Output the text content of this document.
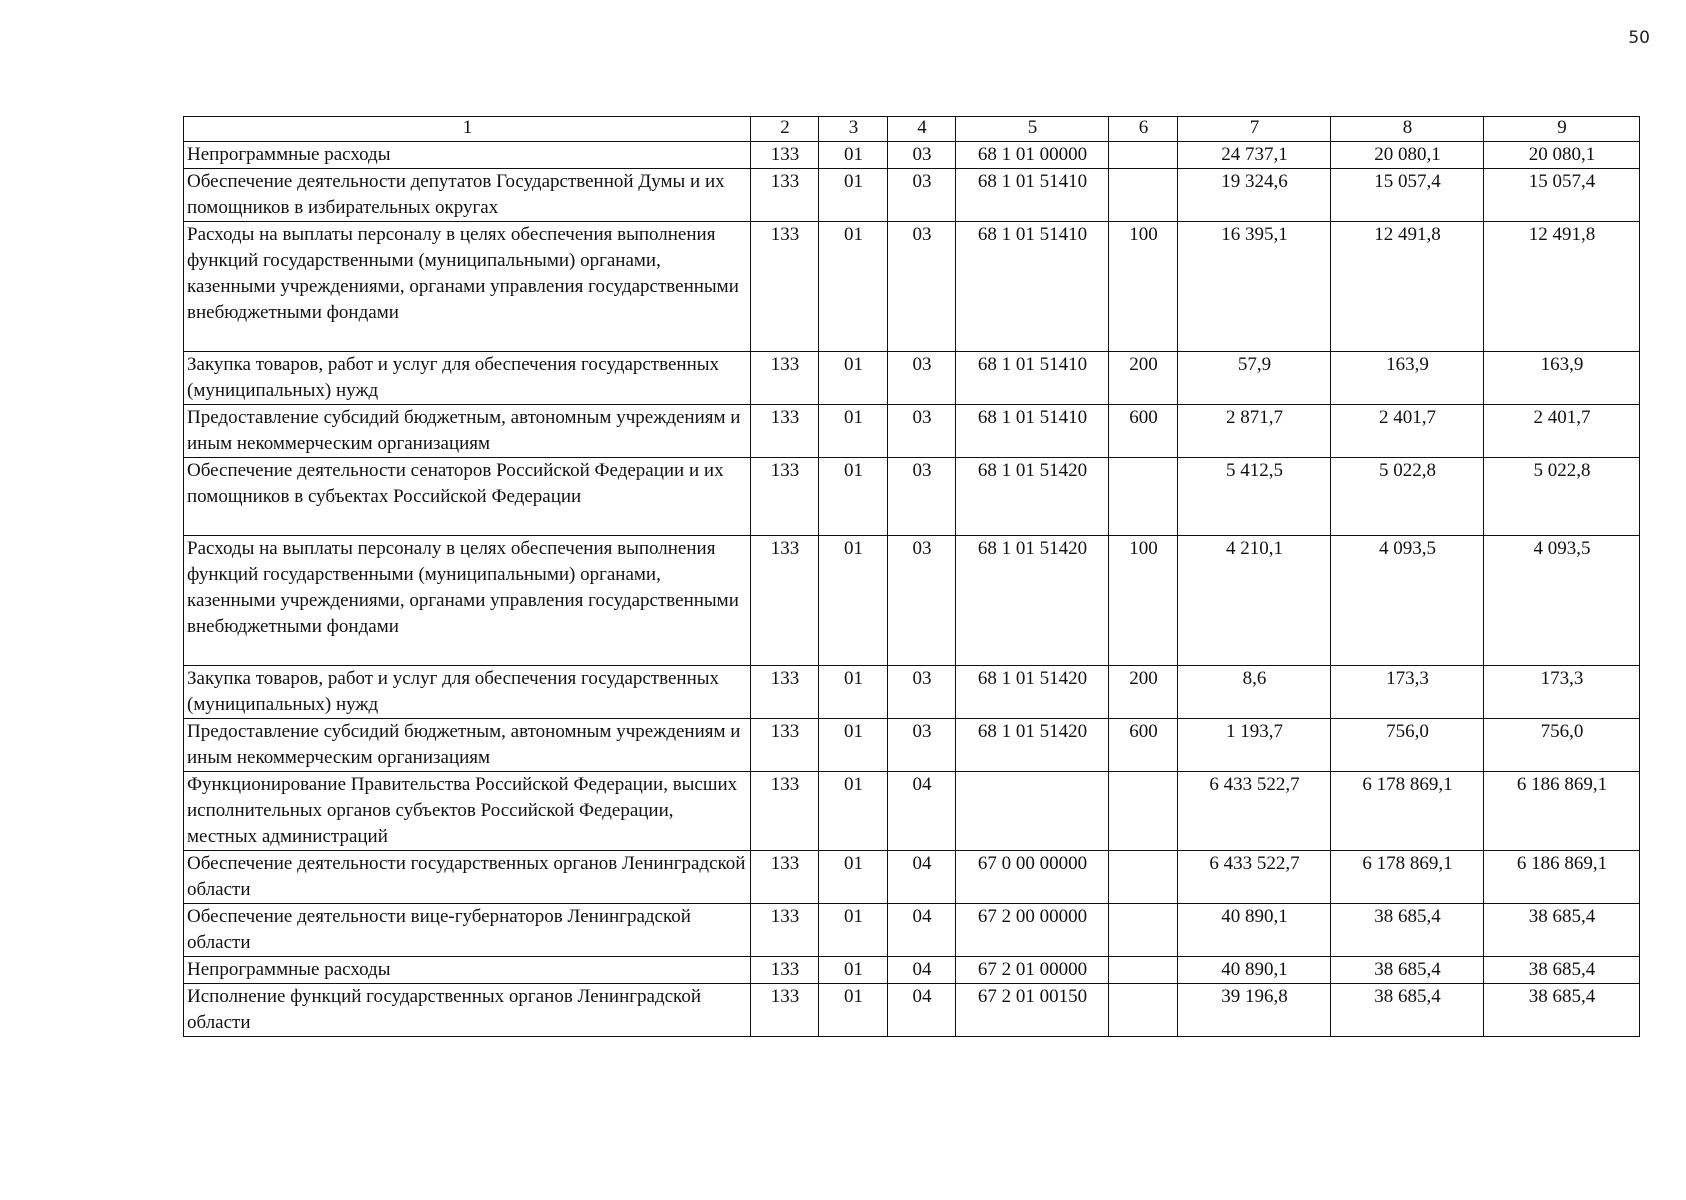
50
1	2	3	4	5	6	7	8	9
Непрограммные расходы	133	01	03	68 1 01 00000		24 737,1	20 080,1	20 080,1
Обеспечение деятельности депутатов Государственной Думы и их помощников в избирательных округах	133	01	03	68 1 01 51410		19 324,6	15 057,4	15 057,4
Расходы на выплаты персоналу в целях обеспечения выполнения функций государственными (муниципальными) органами, казенными учреждениями, органами управления государственными внебюджетными фондами	133	01	03	68 1 01 51410	100	16 395,1	12 491,8	12 491,8
Закупка товаров, работ и услуг для обеспечения государственных (муниципальных) нужд	133	01	03	68 1 01 51410	200	57,9	163,9	163,9
Предоставление субсидий бюджетным, автономным учреждениям и иным некоммерческим организациям	133	01	03	68 1 01 51410	600	2 871,7	2 401,7	2 401,7
Обеспечение деятельности сенаторов Российской Федерации и их помощников в субъектах Российской Федерации	133	01	03	68 1 01 51420		5 412,5	5 022,8	5 022,8
Расходы на выплаты персоналу в целях обеспечения выполнения функций государственными (муниципальными) органами, казенными учреждениями, органами управления государственными внебюджетными фондами	133	01	03	68 1 01 51420	100	4 210,1	4 093,5	4 093,5
Закупка товаров, работ и услуг для обеспечения государственных (муниципальных) нужд	133	01	03	68 1 01 51420	200	8,6	173,3	173,3
Предоставление субсидий бюджетным, автономным учреждениям и иным некоммерческим организациям	133	01	03	68 1 01 51420	600	1 193,7	756,0	756,0
Функционирование Правительства Российской Федерации, высших исполнительных органов субъектов Российской Федерации, местных администраций	133	01	04			6 433 522,7	6 178 869,1	6 186 869,1
Обеспечение деятельности государственных органов Ленинградской области	133	01	04	67 0 00 00000		6 433 522,7	6 178 869,1	6 186 869,1
Обеспечение деятельности вице-губернаторов Ленинградской области	133	01	04	67 2 00 00000		40 890,1	38 685,4	38 685,4
Непрограммные расходы	133	01	04	67 2 01 00000		40 890,1	38 685,4	38 685,4
Исполнение функций государственных органов Ленинградской области	133	01	04	67 2 01 00150		39 196,8	38 685,4	38 685,4
